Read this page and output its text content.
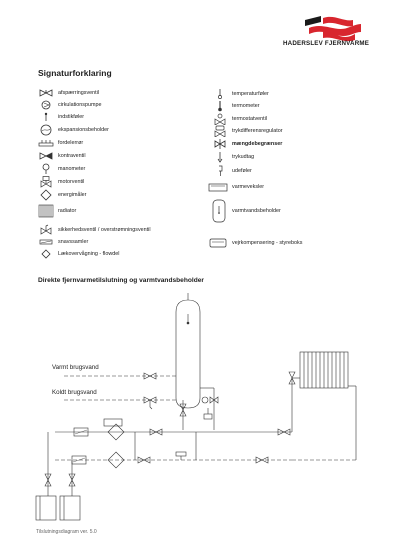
HADERSLEV FJERNVARME
Signaturforklaring
afspærringsventil
cirkulationspumpe
indstikføler
ekspansionsbeholder
fordelerrør
kontraventil
manometer
motorventil
energimåler
radiator
sikkerhedsventil / overstrømningsventil
snavssamler
Lækovervågning - flowdel
temperaturføler
termometer
termostatventil
trykdifferensregulator
mængdebegrænser
trykudtag
udeføler
varmeveksler
varmtvandsbeholder
vejrkompensering - styreboks
Direkte fjernvarmetilslutning og varmtvandsbeholder
Varmt brugsvand
Koldt brugsvand
Tilslutningsdiagram ver. 5.0
